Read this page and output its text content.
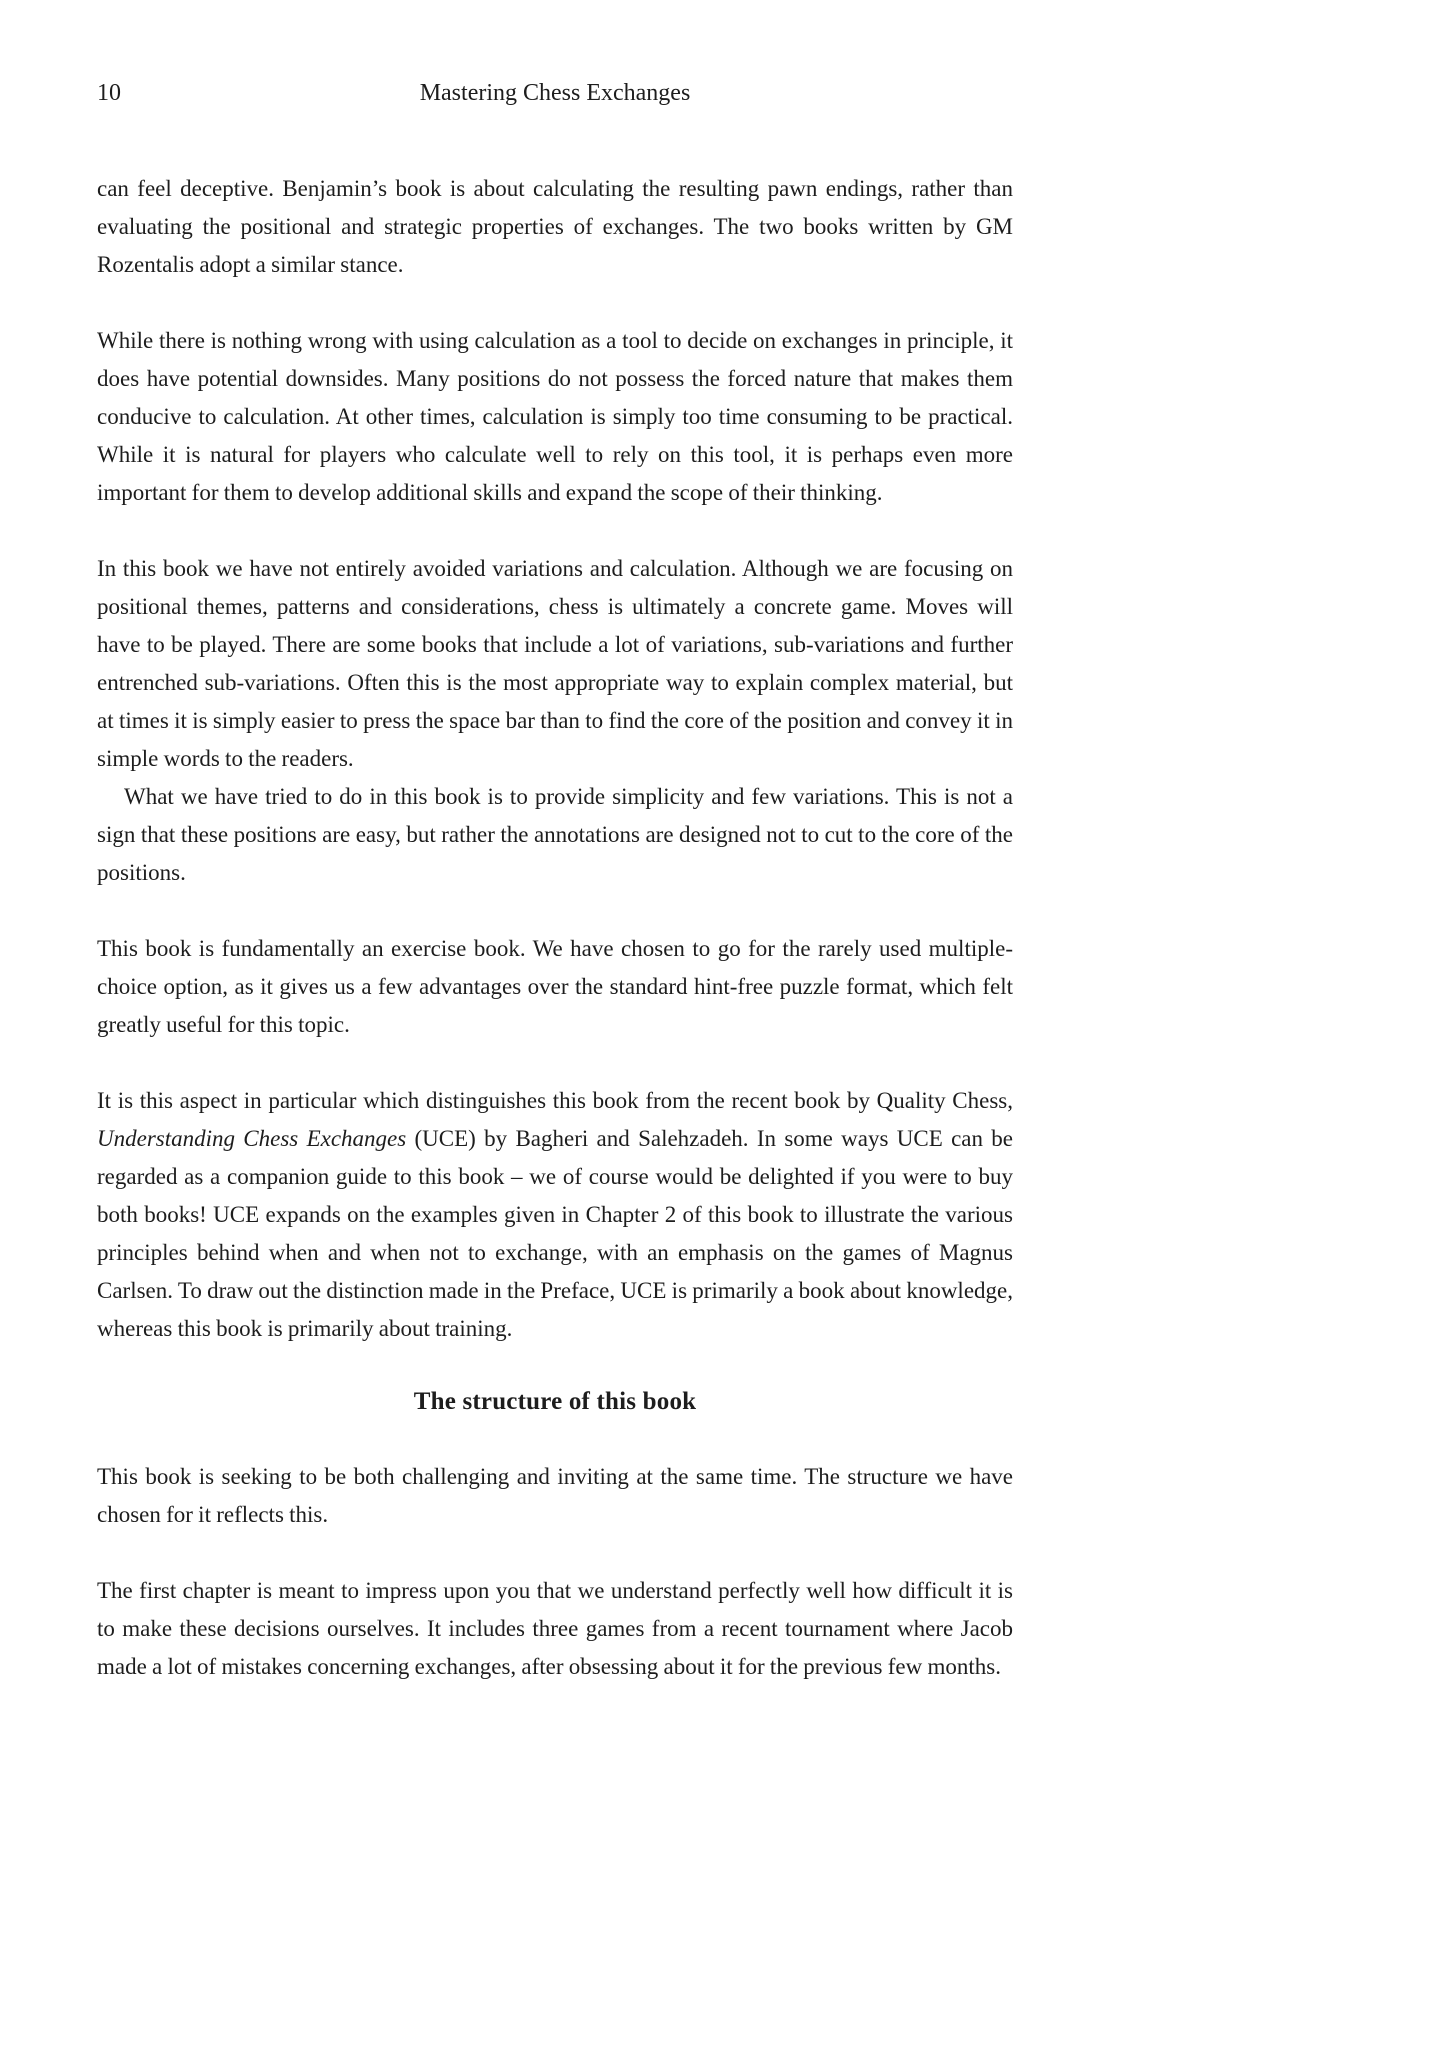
10	Mastering Chess Exchanges

can feel deceptive. Benjamin’s book is about calculating the resulting pawn endings, rather than evaluating the positional and strategic properties of exchanges. The two books written by GM Rozentalis adopt a similar stance.

While there is nothing wrong with using calculation as a tool to decide on exchanges in principle, it does have potential downsides. Many positions do not possess the forced nature that makes them conducive to calculation. At other times, calculation is simply too time consuming to be practical. While it is natural for players who calculate well to rely on this tool, it is perhaps even more important for them to develop additional skills and expand the scope of their thinking.

In this book we have not entirely avoided variations and calculation. Although we are focusing on positional themes, patterns and considerations, chess is ultimately a concrete game. Moves will have to be played. There are some books that include a lot of variations, sub-variations and further entrenched sub-variations. Often this is the most appropriate way to explain complex material, but at times it is simply easier to press the space bar than to find the core of the position and convey it in simple words to the readers.

What we have tried to do in this book is to provide simplicity and few variations. This is not a sign that these positions are easy, but rather the annotations are designed not to cut to the core of the positions.

This book is fundamentally an exercise book. We have chosen to go for the rarely used multiple-choice option, as it gives us a few advantages over the standard hint-free puzzle format, which felt greatly useful for this topic.

It is this aspect in particular which distinguishes this book from the recent book by Quality Chess, Understanding Chess Exchanges (UCE) by Bagheri and Salehzadeh. In some ways UCE can be regarded as a companion guide to this book – we of course would be delighted if you were to buy both books! UCE expands on the examples given in Chapter 2 of this book to illustrate the various principles behind when and when not to exchange, with an emphasis on the games of Magnus Carlsen. To draw out the distinction made in the Preface, UCE is primarily a book about knowledge, whereas this book is primarily about training.

The structure of this book

This book is seeking to be both challenging and inviting at the same time. The structure we have chosen for it reflects this.

The first chapter is meant to impress upon you that we understand perfectly well how difficult it is to make these decisions ourselves. It includes three games from a recent tournament where Jacob made a lot of mistakes concerning exchanges, after obsessing about it for the previous few months.
